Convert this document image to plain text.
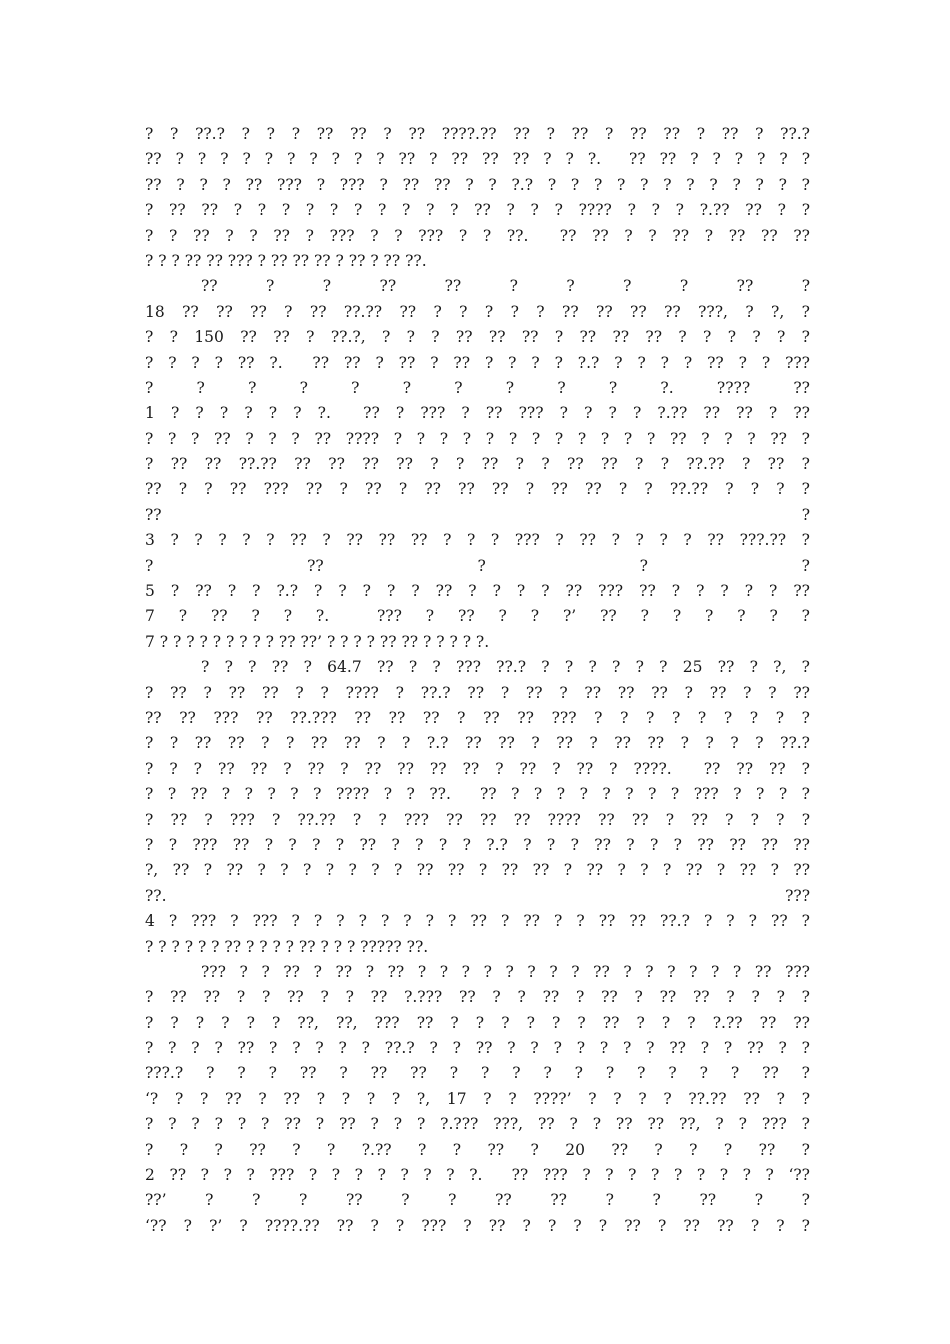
? ? ??.? ? ? ? ?? ?? ? ?? ????.?? ?? ? ?? ? ?? ?? ? ?? ? ??.?
?? ? ? ? ? ? ? ? ? ? ? ?? ? ?? ?? ?? ? ? ?.  ?? ?? ? ? ? ? ? ?
?? ? ? ? ?? ??? ? ??? ? ?? ?? ? ? ?.? ? ? ? ? ? ? ? ? ? ? ? ?
? ?? ?? ? ? ? ? ? ? ? ? ? ? ?? ? ? ? ???? ? ? ? ?.?? ?? ? ?
? ? ?? ? ? ?? ? ??? ? ? ??? ? ? ??.  ?? ?? ? ? ?? ? ?? ?? ??
? ? ? ?? ?? ??? ? ?? ?? ?? ? ?? ? ?? ??.
?? ? ? ?? ?? ? ? ? ? ?? ?
18 ?? ?? ?? ? ?? ??.?? ?? ? ? ? ? ? ?? ?? ?? ?? ???, ? ?, ?
? ? 150 ?? ?? ? ??.?, ? ? ? ?? ?? ?? ? ?? ?? ?? ? ? ? ? ? ?
? ? ? ? ?? ?.  ?? ?? ? ?? ? ?? ? ? ? ? ?.? ? ? ? ? ?? ? ? ???
? ? ? ? ? ? ? ? ? ? ?. ???? ??
1 ? ? ? ? ? ? ?.  ?? ? ??? ? ?? ??? ? ? ? ? ?.?? ?? ?? ? ??
? ? ? ?? ? ? ? ?? ???? ? ? ? ? ? ? ? ? ? ? ? ? ?? ? ? ? ?? ?
? ?? ?? ??.?? ?? ?? ?? ?? ? ? ?? ? ? ?? ?? ? ? ??.?? ? ?? ?
?? ? ? ?? ??? ?? ? ?? ? ?? ?? ?? ? ?? ?? ? ? ??.?? ? ? ? ?
?? ?
3 ? ? ? ? ? ?? ? ?? ?? ?? ? ? ? ??? ? ?? ? ? ? ? ?? ???.?? ?
? ?? ? ? ?
5 ? ?? ? ? ?.? ? ? ? ? ? ?? ? ? ? ? ?? ??? ?? ? ? ? ? ? ??
7 ? ?? ? ? ?.  ??? ? ?? ? ? ?’ ?? ? ? ? ? ? ?
7 ? ? ? ? ? ? ? ? ? ?? ??’ ? ? ? ? ?? ?? ? ? ? ? ?.
? ? ? ?? ? 64.7 ?? ? ? ??? ??.? ? ? ? ? ? ? 25 ?? ? ?, ?
? ?? ? ?? ?? ? ? ???? ? ??.? ?? ? ?? ? ?? ?? ?? ? ?? ? ? ??
?? ?? ??? ?? ??.??? ?? ?? ?? ? ?? ?? ??? ? ? ? ? ? ? ? ? ?
? ? ?? ?? ? ? ?? ?? ? ? ?.? ?? ?? ? ?? ? ?? ?? ? ? ? ? ??.?
? ? ? ?? ?? ? ?? ? ?? ?? ?? ?? ? ?? ? ?? ? ????.  ?? ?? ?? ?
? ? ?? ? ? ? ? ? ???? ? ? ??.  ?? ? ? ? ? ? ? ? ? ??? ? ? ? ?
? ?? ? ??? ? ??.?? ? ? ??? ?? ?? ?? ???? ?? ?? ? ?? ? ? ? ?
? ? ??? ?? ? ? ? ? ?? ? ? ? ? ?.? ? ? ? ?? ? ? ? ?? ?? ?? ??
?, ?? ? ?? ? ? ? ? ? ? ? ?? ?? ? ?? ?? ? ?? ? ? ? ?? ? ?? ? ??
??. ???
4 ? ??? ? ??? ? ? ? ? ? ? ? ? ?? ? ?? ? ? ?? ?? ??.? ? ? ? ?? ?
? ? ? ? ? ? ?? ? ? ? ? ?? ? ? ? ????? ??.
??? ? ? ?? ? ?? ? ?? ? ? ? ? ? ? ? ? ?? ? ? ? ? ? ? ?? ???
? ?? ?? ? ? ?? ? ? ?? ?.??? ?? ? ? ?? ? ?? ? ?? ?? ? ? ? ?
? ? ? ? ? ? ??, ??, ??? ?? ? ? ? ? ? ? ?? ? ? ? ?.?? ?? ??
? ? ? ? ?? ? ? ? ? ? ??.? ? ? ?? ? ? ? ? ? ? ? ?? ? ? ?? ? ?
???.? ? ? ? ?? ? ?? ?? ? ? ? ? ? ? ? ? ? ? ?? ?
‘? ? ? ?? ? ?? ? ? ? ? ?, 17 ? ? ????’ ? ? ? ? ??.?? ?? ? ?
? ? ? ? ? ? ?? ? ?? ? ? ? ?.??? ???, ?? ? ? ?? ?? ??, ? ? ??? ?
? ? ? ?? ? ? ?.?? ? ? ?? ? 20 ?? ? ? ? ?? ?
2 ?? ? ? ? ??? ? ? ? ? ? ? ? ?.  ?? ??? ? ? ? ? ? ? ? ? ? ‘??
??’ ? ? ? ?? ? ? ?? ?? ? ? ?? ? ?
‘?? ? ?’ ? ????.?? ?? ? ? ??? ? ?? ? ? ? ? ?? ? ?? ?? ? ? ?
